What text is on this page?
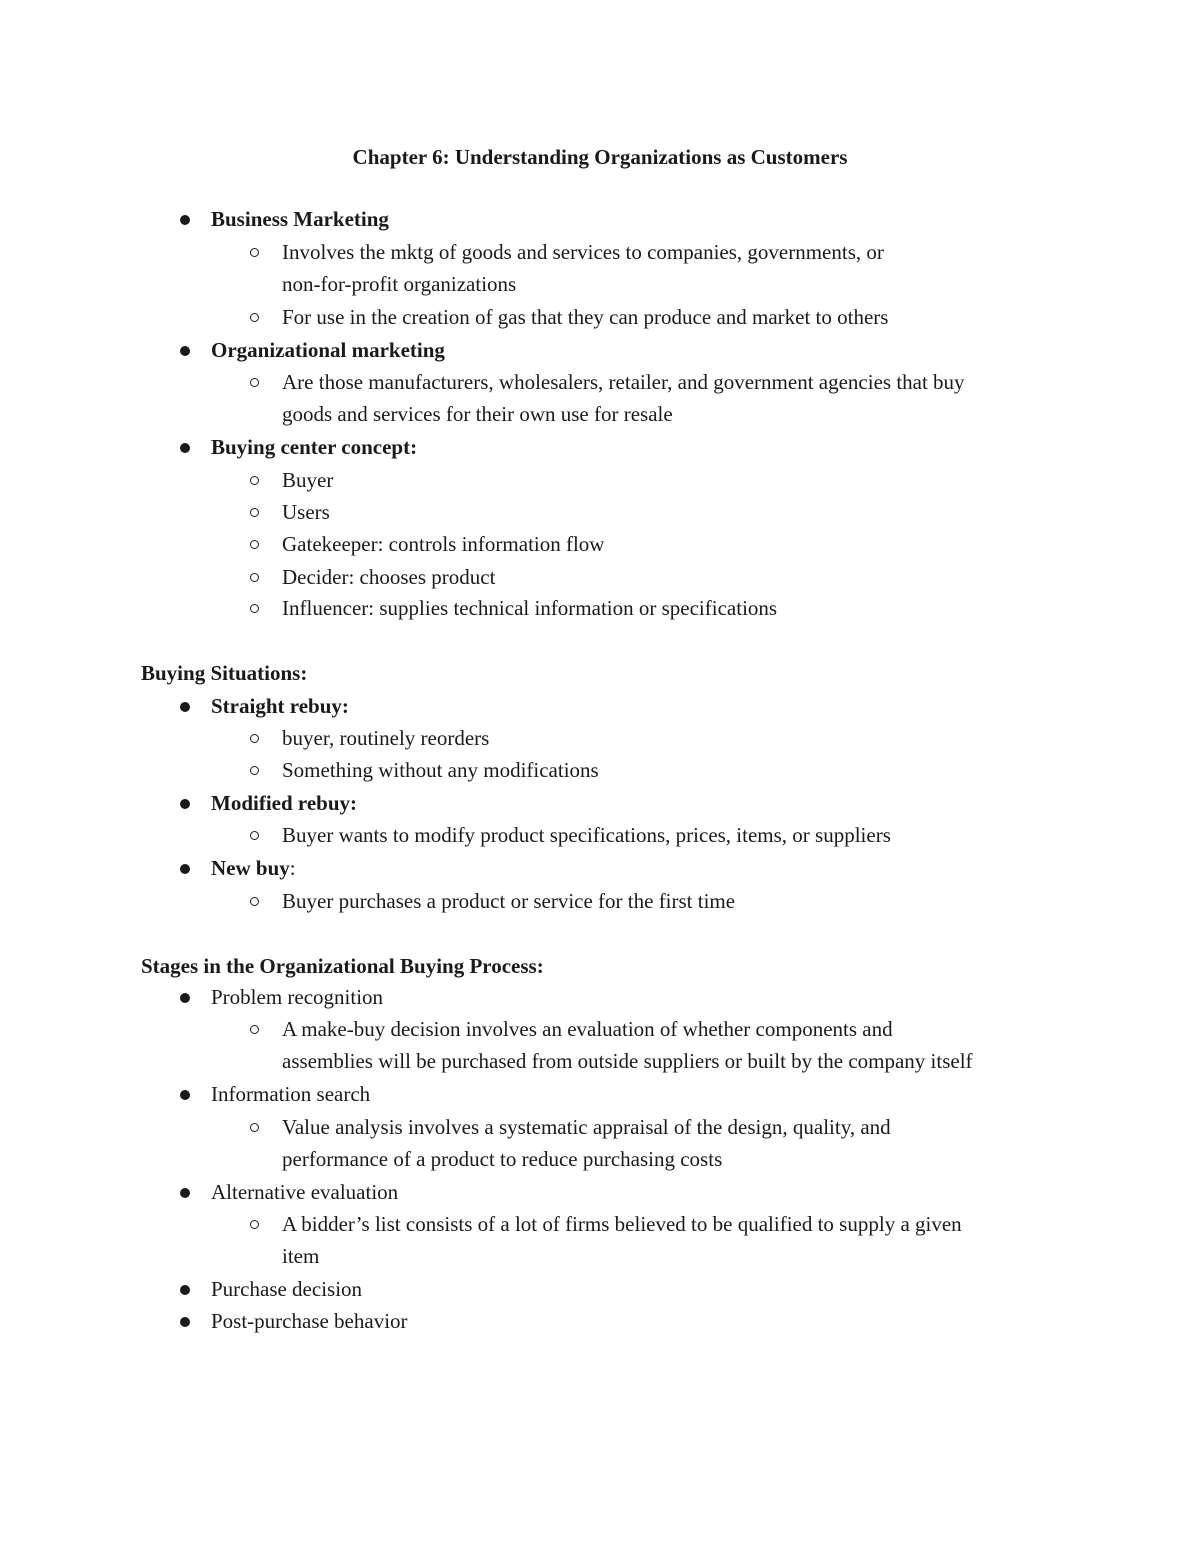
Chapter 6: Understanding Organizations as Customers
Business Marketing
Involves the mktg of goods and services to companies, governments, or
non-for-profit organizations
For use in the creation of gas that they can produce and market to others
Organizational marketing
Are those manufacturers, wholesalers, retailer, and government agencies that buy
goods and services for their own use for resale
Buying center concept:
Buyer
Users
Gatekeeper: controls information flow
Decider: chooses product
Influencer: supplies technical information or specifications
Buying Situations:
Straight rebuy:
buyer, routinely reorders
Something without any modifications
Modified rebuy:
Buyer wants to modify product specifications, prices, items, or suppliers
New buy:
Buyer purchases a product or service for the first time
Stages in the Organizational Buying Process:
Problem recognition
A make-buy decision involves an evaluation of whether components and
assemblies will be purchased from outside suppliers or built by the company itself
Information search
Value analysis involves a systematic appraisal of the design, quality, and
performance of a product to reduce purchasing costs
Alternative evaluation
A bidder’s list consists of a lot of firms believed to be qualified to supply a given
item
Purchase decision
Post-purchase behavior
